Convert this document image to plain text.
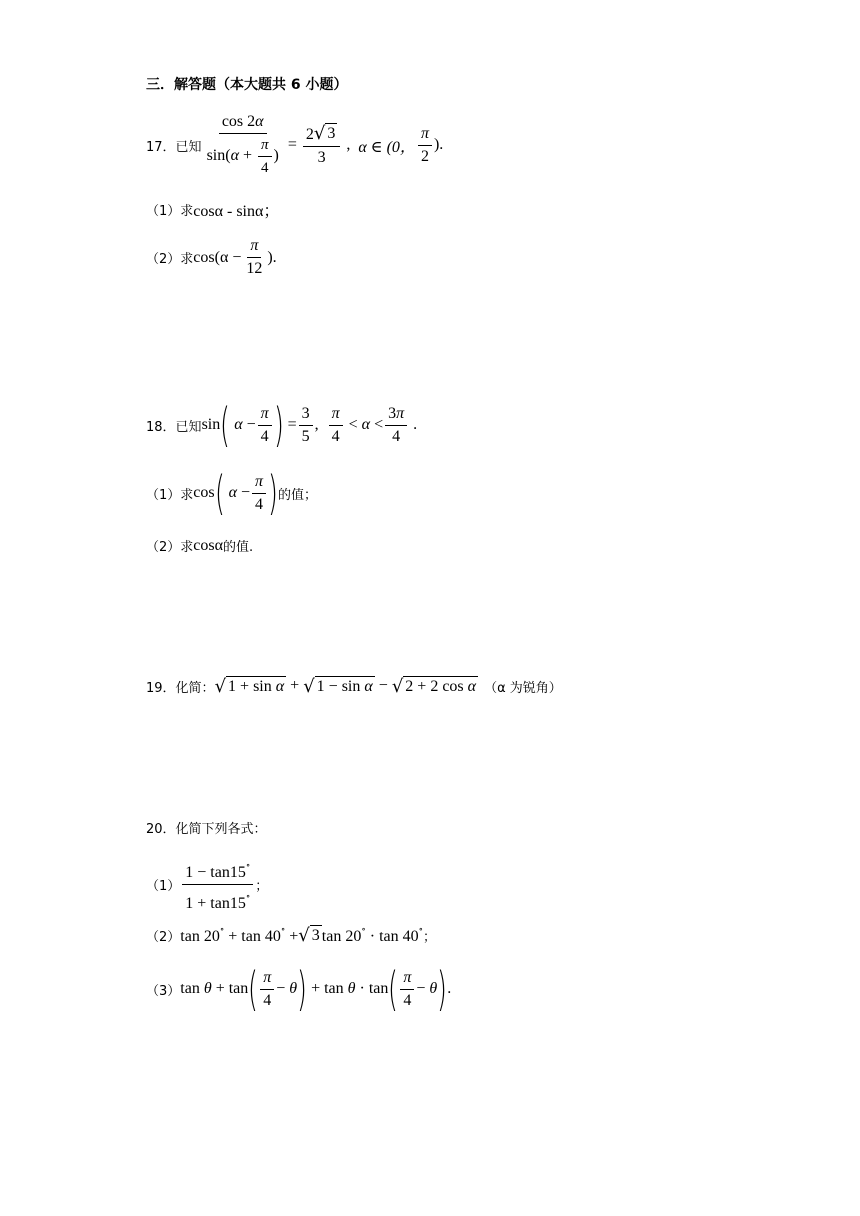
三．解答题（本大题共 6 小题）
17． 已知 $\frac{\cos 2\alpha}{\sin(\alpha + \frac{\pi}{4} )} = \frac{2 √ 3}{3}$ , α ∈ (0， $\frac{\pi}{2}$ ).
（1）求 cosα - sinα；
（2）求 $\cos(\alpha - \frac{\pi}{12}$ ).
18． 已知 sin ( $\alpha - \frac{\pi}{4}$ ) = $\frac{3}{5}$ , $\frac{\pi}{4} < \alpha < \frac{3\pi}{4}$ .
（1）求 cos ( $\alpha - \frac{\pi}{4}$ ) 的值；
（2）求 cosα 的值.
19． 化简： √ 1 + sin α + √ 1 − sin α − √ 2 + 2 cos α （α 为锐角）
20． 化简下列各式：
$(1) \frac{1 - \tan 15^\circ}{1 + \tan 15^\circ}$ ；
（2） tan 20∘ + tan 40∘ + √ 3 tan 20∘ · tan 40∘
；
（3） tan θ + tan ( $\frac{\pi}{4} - \theta$ ) + tan θ · tan ( $\frac{\pi}{4} - \theta$ ) .
